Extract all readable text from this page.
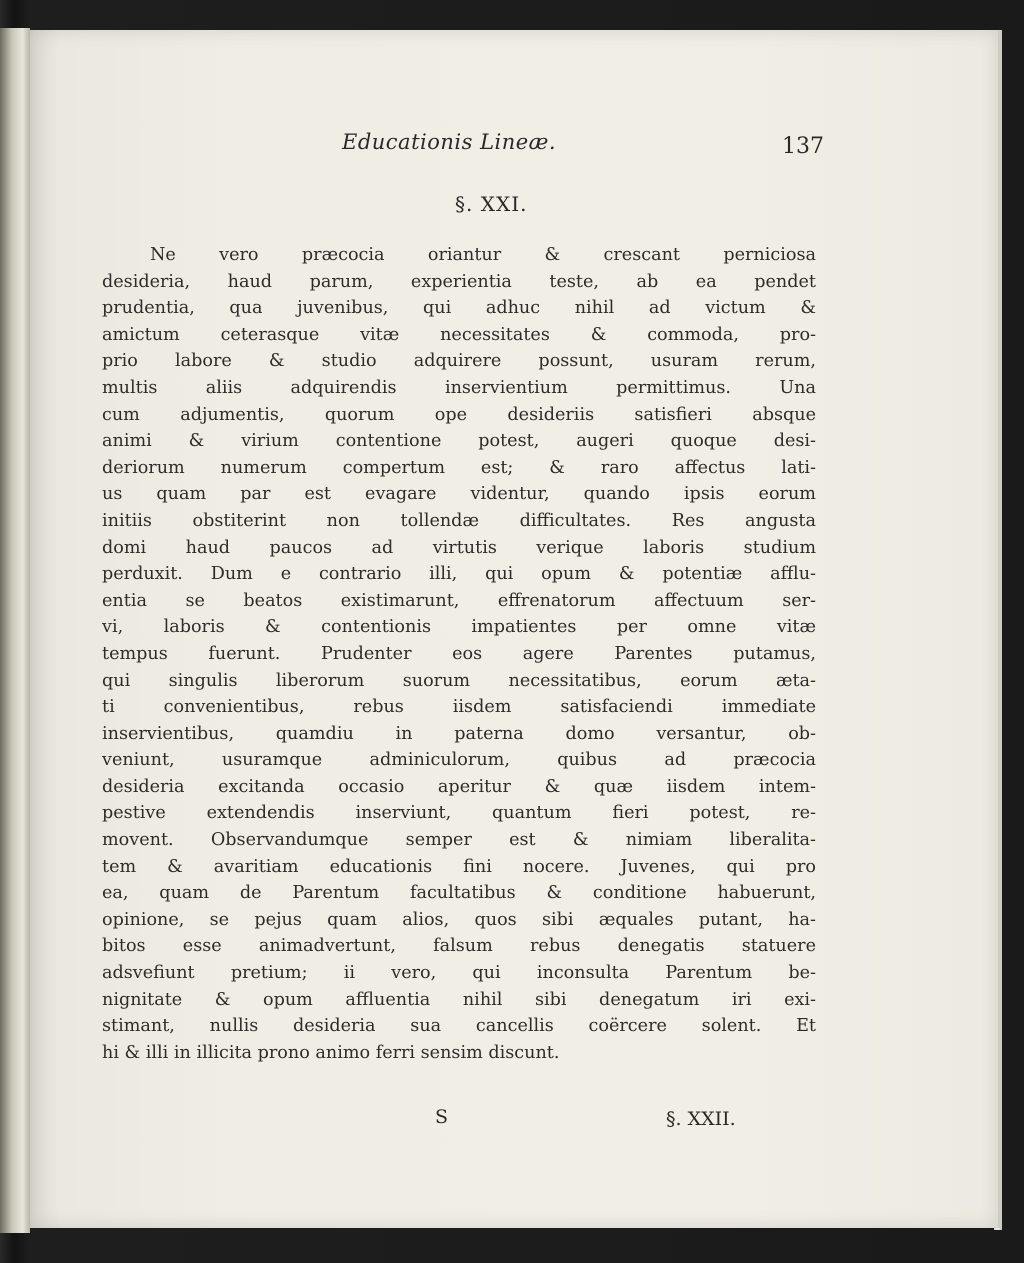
Educationis Lineæ.	137
§. XXI.
Ne vero præcocia oriantur & crescant perniciosa
desideria, haud parum, experientia teste, ab ea pendet
prudentia, qua juvenibus, qui adhuc nihil ad victum &
amictum ceterasque vitæ necessitates & commoda, pro-
prio labore & studio adquirere possunt, usuram rerum,
multis aliis adquirendis inservientium permittimus. Una
cum adjumentis, quorum ope desideriis satisfieri absque
animi & virium contentione potest, augeri quoque desi-
deriorum numerum compertum est; & raro affectus lati-
us quam par est evagare videntur, quando ipsis eorum
initiis obstiterint non tollendæ difficultates. Res angusta
domi haud paucos ad virtutis verique laboris studium
perduxit. Dum e contrario illi, qui opum & potentiæ afflu-
entia se beatos existimarunt, effrenatorum affectuum ser-
vi, laboris & contentionis impatientes per omne vitæ
tempus fuerunt. Prudenter eos agere Parentes putamus,
qui singulis liberorum suorum necessitatibus, eorum æta-
ti convenientibus, rebus iisdem satisfaciendi immediate
inservientibus, quamdiu in paterna domo versantur, ob-
veniunt, usuramque adminiculorum, quibus ad præcocia
desideria excitanda occasio aperitur & quæ iisdem intem-
pestive extendendis inserviunt, quantum fieri potest, re-
movent. Observandumque semper est & nimiam liberalita-
tem & avaritiam educationis fini nocere. Juvenes, qui pro
ea, quam de Parentum facultatibus & conditione habuerunt,
opinione, se pejus quam alios, quos sibi æquales putant, ha-
bitos esse animadvertunt, falsum rebus denegatis statuere
adsvefiunt pretium; ii vero, qui inconsulta Parentum be-
nignitate & opum affluentia nihil sibi denegatum iri exi-
stimant, nullis desideria sua cancellis coërcere solent. Et
hi & illi in illicita prono animo ferri sensim discunt.
S	§. XXII.
